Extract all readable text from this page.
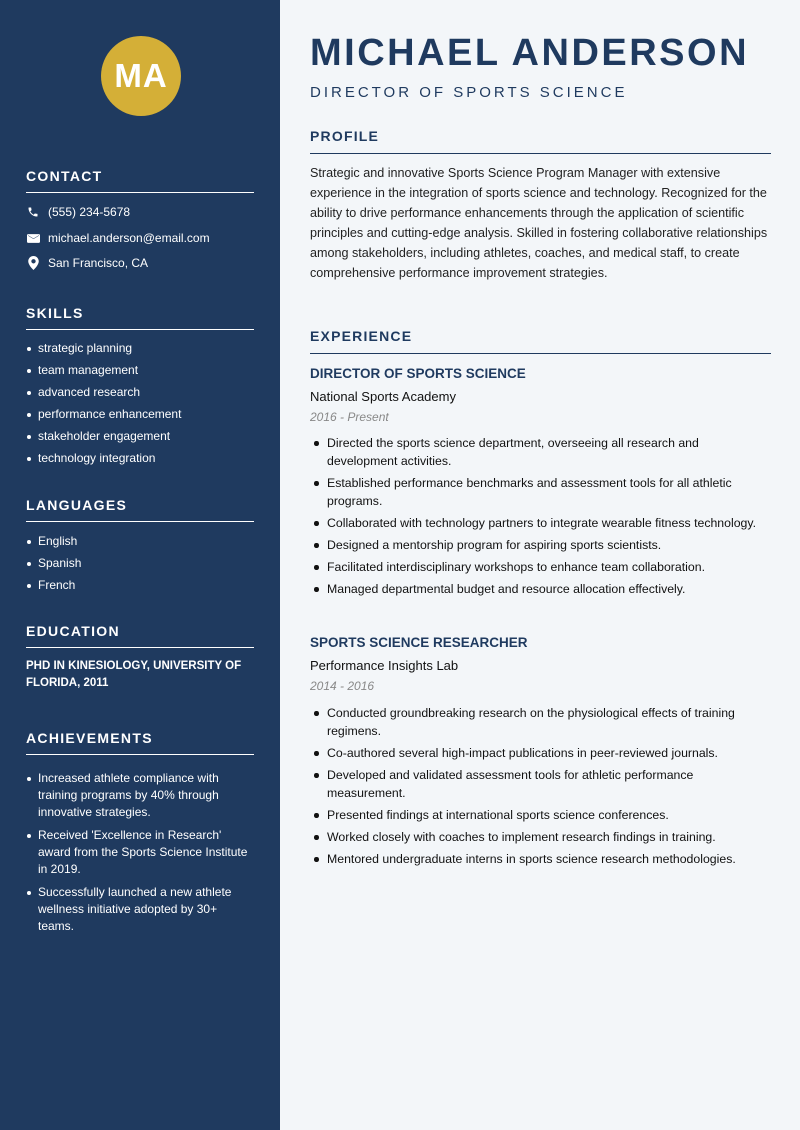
MA
CONTACT
(555) 234-5678
michael.anderson@email.com
San Francisco, CA
SKILLS
strategic planning
team management
advanced research
performance enhancement
stakeholder engagement
technology integration
LANGUAGES
English
Spanish
French
EDUCATION
PHD IN KINESIOLOGY, UNIVERSITY OF FLORIDA, 2011
ACHIEVEMENTS
Increased athlete compliance with training programs by 40% through innovative strategies.
Received 'Excellence in Research' award from the Sports Science Institute in 2019.
Successfully launched a new athlete wellness initiative adopted by 30+ teams.
MICHAEL ANDERSON
DIRECTOR OF SPORTS SCIENCE
PROFILE
Strategic and innovative Sports Science Program Manager with extensive experience in the integration of sports science and technology. Recognized for the ability to drive performance enhancements through the application of scientific principles and cutting-edge analysis. Skilled in fostering collaborative relationships among stakeholders, including athletes, coaches, and medical staff, to create comprehensive performance improvement strategies.
EXPERIENCE
DIRECTOR OF SPORTS SCIENCE
National Sports Academy
2016 - Present
Directed the sports science department, overseeing all research and development activities.
Established performance benchmarks and assessment tools for all athletic programs.
Collaborated with technology partners to integrate wearable fitness technology.
Designed a mentorship program for aspiring sports scientists.
Facilitated interdisciplinary workshops to enhance team collaboration.
Managed departmental budget and resource allocation effectively.
SPORTS SCIENCE RESEARCHER
Performance Insights Lab
2014 - 2016
Conducted groundbreaking research on the physiological effects of training regimens.
Co-authored several high-impact publications in peer-reviewed journals.
Developed and validated assessment tools for athletic performance measurement.
Presented findings at international sports science conferences.
Worked closely with coaches to implement research findings in training.
Mentored undergraduate interns in sports science research methodologies.
